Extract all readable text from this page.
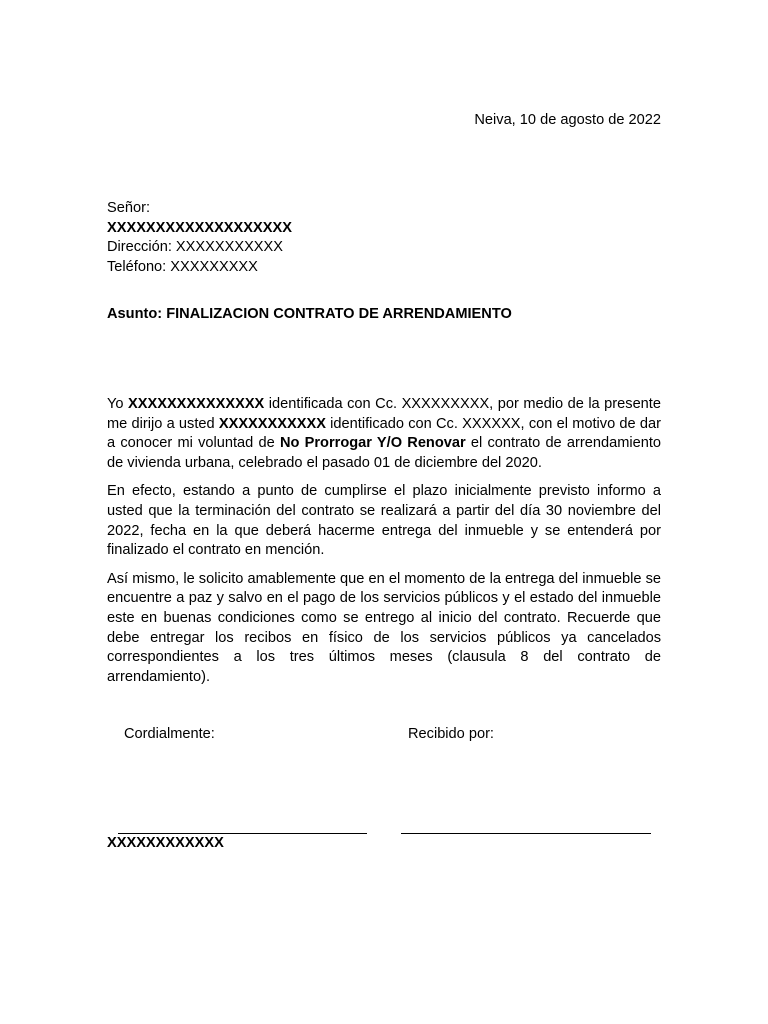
Neiva, 10 de agosto de 2022
Señor:
XXXXXXXXXXXXXXXXXXX
Dirección: XXXXXXXXXXX
Teléfono: XXXXXXXXX
Asunto: FINALIZACION CONTRATO DE ARRENDAMIENTO

Yo XXXXXXXXXXXXXX identificada con Cc. XXXXXXXXX, por medio de la presente me dirijo a usted XXXXXXXXXXX identificado con Cc. XXXXXX, con el motivo de dar a conocer mi voluntad de No Prorrogar Y/O Renovar el contrato de arrendamiento de vivienda urbana, celebrado el pasado 01 de diciembre del 2020.

En efecto, estando a punto de cumplirse el plazo inicialmente previsto informo a usted que la terminación del contrato se realizará a partir del día 30 noviembre del 2022, fecha en la que deberá hacerme entrega del inmueble y se entenderá por finalizado el contrato en mención.

Así mismo, le solicito amablemente que en el momento de la entrega del inmueble se encuentre a paz y salvo en el pago de los servicios públicos y el estado del inmueble este en buenas condiciones como se entrego al inicio del contrato. Recuerde que debe entregar los recibos en físico de los servicios públicos ya cancelados correspondientes a los tres últimos meses (clausula 8 del contrato de arrendamiento).

Cordialmente:	Recibido por:
XXXXXXXXXXXX
